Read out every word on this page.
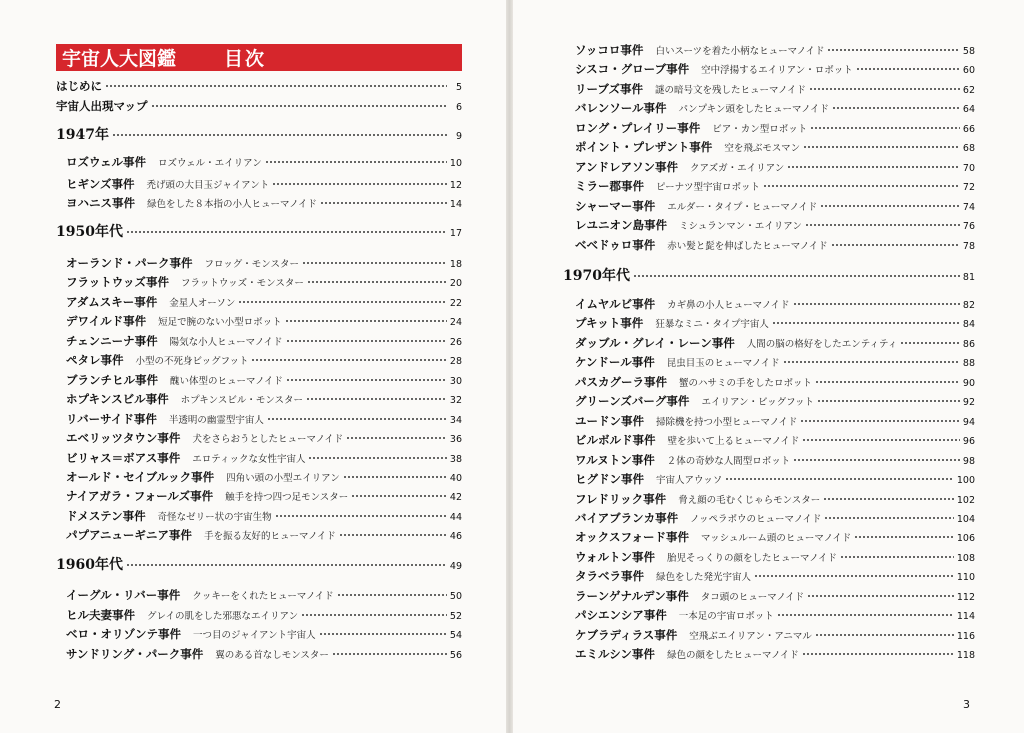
宇宙人大図鑑	目次
はじめに	5
宇宙人出現マップ	6
1947年	9
ロズウェル事件 ロズウェル・エイリアン	10
ヒギンズ事件 禿げ頭の大目玉ジャイアント	12
ヨハニス事件 緑色をした８本指の小人ヒューマノイド	14
1950年代	17
オーランド・パーク事件 フロッグ・モンスター	18
フラットウッズ事件 フラットウッズ・モンスター	20
アダムスキー事件 金星人オーソン	22
デワイルド事件 短足で腕のない小型ロボット	24
チェンニーナ事件 陽気な小人ヒューマノイド	26
ペタレ事件 小型の不死身ビッグフット	28
ブランチヒル事件 醜い体型のヒューマノイド	30
ホプキンスビル事件 ホプキンスビル・モンスター	32
リバーサイド事件 半透明の幽霊型宇宙人	34
エベリッツタウン事件 犬をさらおうとしたヒューマノイド	36
ビリャス＝ボアス事件 エロティックな女性宇宙人	38
オールド・セイブルック事件 四角い頭の小型エイリアン	40
ナイアガラ・フォールズ事件 触手を持つ四つ足モンスター	42
ドメステン事件 奇怪なゼリー状の宇宙生物	44
パプアニューギニア事件 手を振る友好的ヒューマノイド	46
1960年代	49
イーグル・リバー事件 クッキーをくれたヒューマノイド	50
ヒル夫妻事件 グレイの肌をした邪悪なエイリアン	52
ベロ・オリゾンテ事件 一つ目のジャイアント宇宙人	54
サンドリング・パーク事件 翼のある首なしモンスター	56
2
ソッコロ事件 白いスーツを着た小柄なヒューマノイド	58
シスコ・グローブ事件 空中浮揚するエイリアン・ロボット	60
リーブズ事件 謎の暗号文を残したヒューマノイド	62
バレンソール事件 パンプキン頭をしたヒューマノイド	64
ロング・プレイリー事件 ビア・カン型ロボット	66
ポイント・プレザント事件 空を飛ぶモスマン	68
アンドレアソン事件 クアズガ・エイリアン	70
ミラー郡事件 ピーナツ型宇宙ロボット	72
シャーマー事件 エルダー・タイプ・ヒューマノイド	74
レユニオン島事件 ミシュランマン・エイリアン	76
ベベドゥロ事件 赤い髪と髭を伸ばしたヒューマノイド	78
1970年代	81
イムヤルビ事件 カギ鼻の小人ヒューマノイド	82
プキット事件 狂暴なミニ・タイプ宇宙人	84
ダッブル・グレイ・レーン事件 人間の脳の格好をしたエンティティ	86
ケンドール事件 昆虫目玉のヒューマノイド	88
パスカグーラ事件 蟹のハサミの手をしたロボット	90
グリーンズバーグ事件 エイリアン・ビッグフット	92
ユードン事件 掃除機を持つ小型ヒューマノイド	94
ビルボルド事件 壁を歩いて上るヒューマノイド	96
ワルヌトン事件 ２体の奇妙な人間型ロボット	98
ヒグドン事件 宇宙人アウッソ	100
フレドリック事件 脅え顔の毛むくじゃらモンスター	102
バイアブランカ事件 ノッペラボウのヒューマノイド	104
オックスフォード事件 マッシュルーム頭のヒューマノイド	106
ウォルトン事件 胎児そっくりの顔をしたヒューマノイド	108
タラベラ事件 緑色をした発光宇宙人	110
ラーンゲナルデン事件 タコ頭のヒューマノイド	112
パシエンシア事件 一本足の宇宙ロボット	114
ケブラディラス事件 空飛ぶエイリアン・アニマル	116
エミルシン事件 緑色の顔をしたヒューマノイド	118
3
